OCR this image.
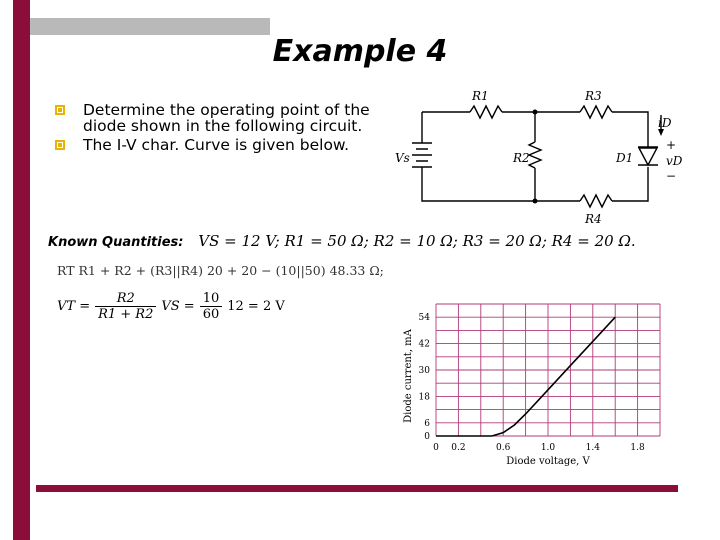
Example 4
Determine the operating point of the diode shown in the following circuit.
The I-V char. Curve is given below.
R1	R3
R2
R4
Vs	D1
iD
+
vD
−
Known Quantities: VS = 12 V; R1 = 50 Ω; R2 = 10 Ω; R3 = 20 Ω; R4 = 20 Ω.
RT R1 + R2 + (R3||R4) 20 + 20 − (10||50) 48.33 Ω;
VT = $\frac{R2}{R1 + R2}$ VS = $\frac{10}{60} 12 = 2$ V
0 0.2	0.6	1.0	1.4	1.8
0
6
18
30
42
54
Diode voltage, V
Diode current, mA
